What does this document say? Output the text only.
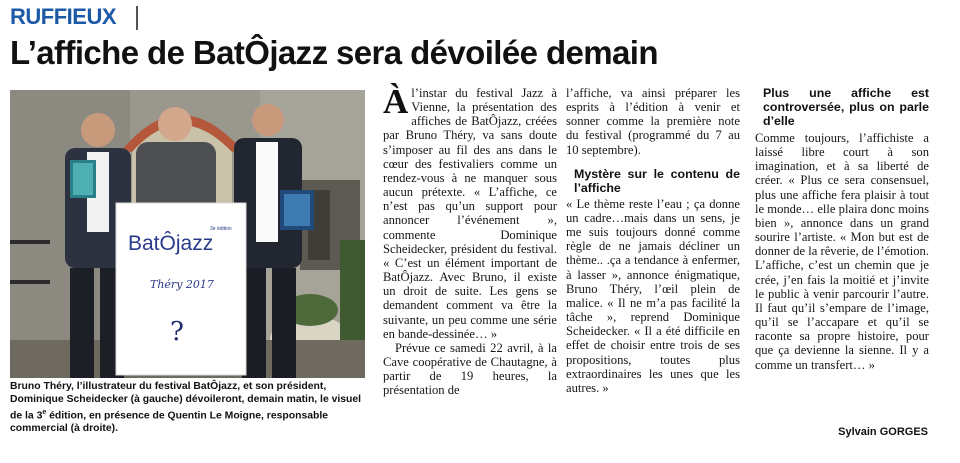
RUFFIEUX
L’affiche de BatÔjazz sera dévoilée demain
BatÔjazz
3e édition
Théry 2017
?
Bruno Théry, l’illustrateur du festival BatÔjazz, et son président,
Dominique Scheidecker (à gauche) dévoileront, demain matin, le visuel
de la 3e édition, en présence de Quentin Le Moigne, responsable
commercial (à droite).
Àl’instar du festival Jazz à Vienne, la présentation des affiches de BatÔjazz, créées par Bruno Théry, va sans doute s’imposer au fil des ans dans le cœur des festivaliers comme un rendez-vous à ne manquer sous aucun prétexte. « L’affiche, ce n’est pas qu’un support pour annoncer l’événement », commente Dominique Scheidecker, président du festival. « C’est un élément important de BatÔjazz. Avec Bruno, il existe un droit de suite. Les gens se demandent comment va être la suivante, un peu comme une série en bande-dessinée… »
Prévue ce samedi 22 avril, à la Cave coopérative de Chautagne, à partir de 19 heures, la présentation de
l’affiche, va ainsi préparer les esprits à l’édition à venir et sonner comme la première note du festival (programmé du 7 au 10 septembre).
Mystère sur le contenu de l’affiche
« Le thème reste l’eau ; ça donne un cadre…mais dans un sens, je me suis toujours donné comme règle de ne jamais décliner un thème.. .ça a tendance à enfermer, à lasser », annonce énigmatique, Bruno Théry, l’œil plein de malice. « Il ne m’a pas facilité la tâche », reprend Dominique Scheidecker. « Il a été difficile en effet de choisir entre trois de ses propositions, toutes plus extraordinaires les unes que les autres. »
Plus une affiche est controversée, plus on parle d’elle
Comme toujours, l’affichiste a laissé libre court à son imagination, et à sa liberté de créer. « Plus ce sera consensuel, plus une affiche fera plaisir à tout le monde… elle plaira donc moins bien », annonce dans un grand sourire l’artiste. « Mon but est de donner de la rêverie, de l’émotion. L’affiche, c’est un chemin que je crée, j’en fais la moitié et j’invite le public à venir parcourir l’autre. Il faut qu’il s’empare de l’image, qu’il se l’accapare et qu’il se raconte sa propre histoire, pour que ça devienne la sienne. Il y a comme un transfert… »
Sylvain GORGES
